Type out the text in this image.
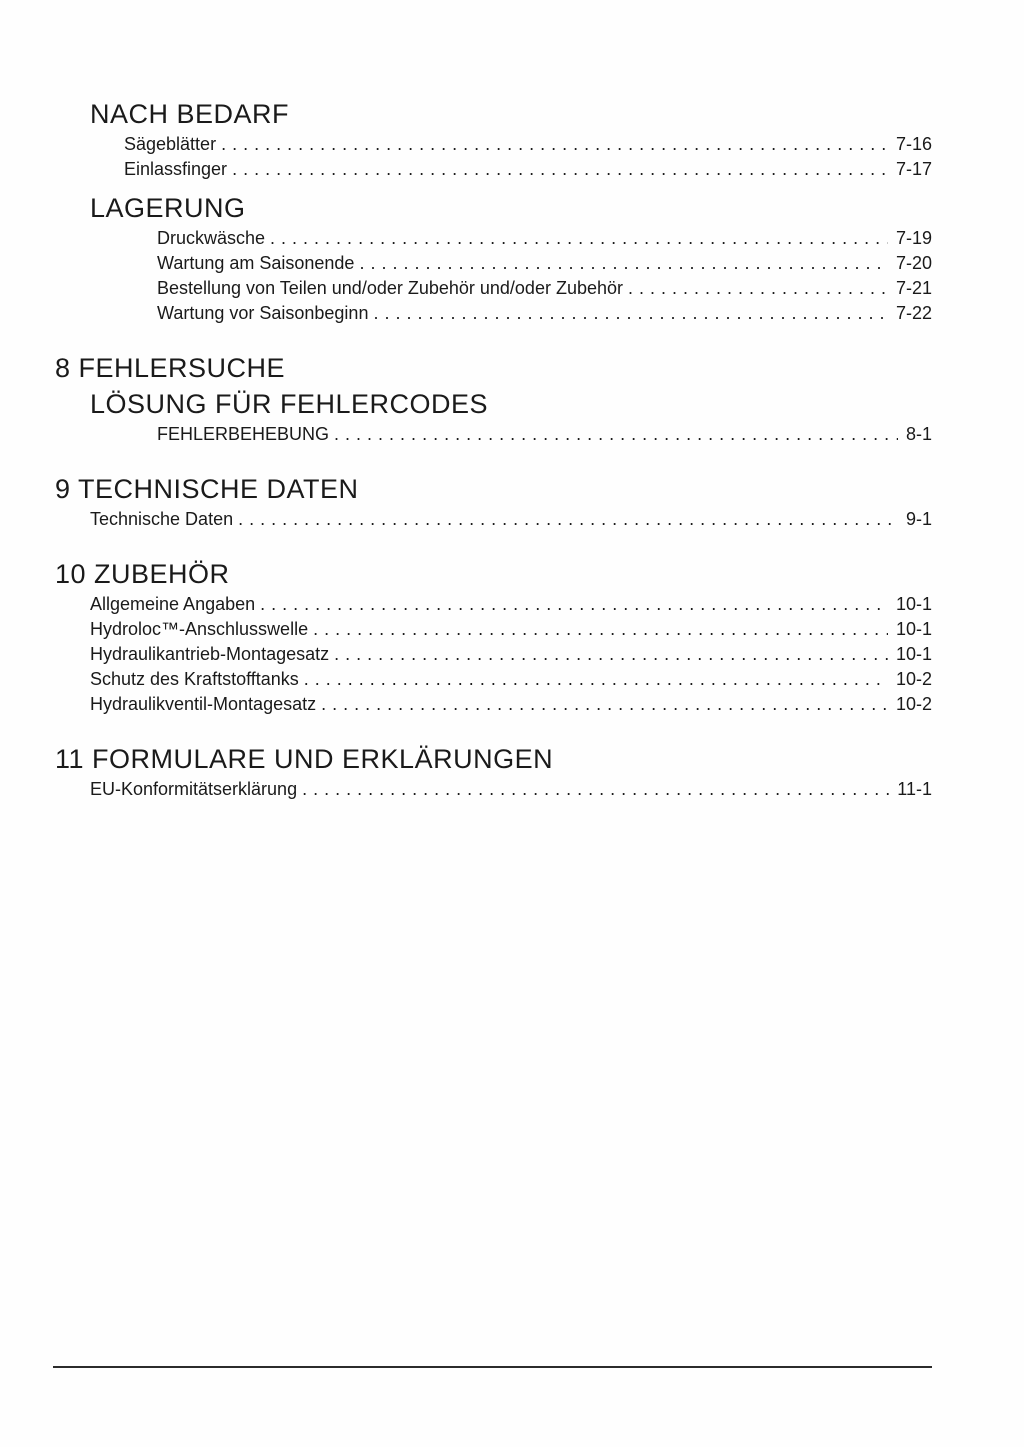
NACH BEDARF
Sägeblätter . . .	7-16
Einlassfinger . . .	7-17
LAGERUNG
Druckwäsche . . .	7-19
Wartung am Saisonende . . .	7-20
Bestellung von Teilen und/oder Zubehör und/oder Zubehör . . .	7-21
Wartung vor Saisonbeginn . . .	7-22
8 FEHLERSUCHE
LÖSUNG FÜR FEHLERCODES
FEHLERBEHEBUNG . . .	8-1
9 TECHNISCHE DATEN
Technische Daten . . .	9-1
10 ZUBEHÖR
Allgemeine Angaben . . .	10-1
Hydroloc™-Anschlusswelle . . .	10-1
Hydraulikantrieb-Montagesatz . . .	10-1
Schutz des Kraftstofftanks . . .	10-2
Hydraulikventil-Montagesatz . . .	10-2
11 FORMULARE UND ERKLÄRUNGEN
EU-Konformitätserklärung . . .	11-1
